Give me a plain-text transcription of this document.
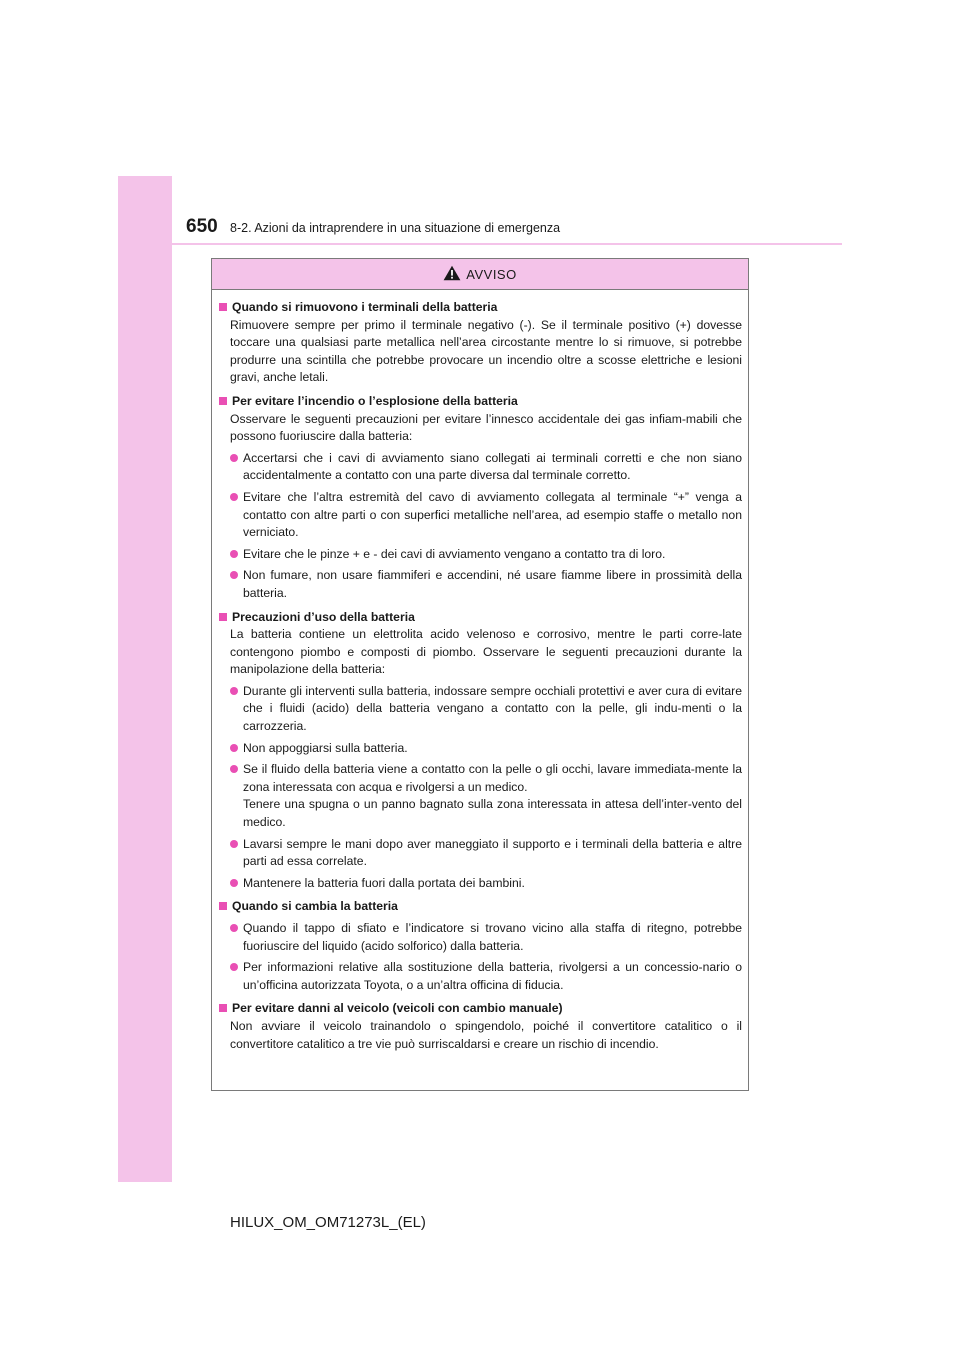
650 8-2. Azioni da intraprendere in una situazione di emergenza
AVVISO
Quando si rimuovono i terminali della batteria
Rimuovere sempre per primo il terminale negativo (-). Se il terminale positivo (+) dovesse toccare una qualsiasi parte metallica nell’area circostante mentre lo si rimuove, si potrebbe produrre una scintilla che potrebbe provocare un incendio oltre a scosse elettriche e lesioni gravi, anche letali.
Per evitare l’incendio o l’esplosione della batteria
Osservare le seguenti precauzioni per evitare l’innesco accidentale dei gas infiam-mabili che possono fuoriuscire dalla batteria:
Accertarsi che i cavi di avviamento siano collegati ai terminali corretti e che non siano accidentalmente a contatto con una parte diversa dal terminale corretto.
Evitare che l’altra estremità del cavo di avviamento collegata al terminale “+” venga a contatto con altre parti o con superfici metalliche nell’area, ad esempio staffe o metallo non verniciato.
Evitare che le pinze + e - dei cavi di avviamento vengano a contatto tra di loro.
Non fumare, non usare fiammiferi e accendini, né usare fiamme libere in prossimità della batteria.
Precauzioni d’uso della batteria
La batteria contiene un elettrolita acido velenoso e corrosivo, mentre le parti corre-late contengono piombo e composti di piombo. Osservare le seguenti precauzioni durante la manipolazione della batteria:
Durante gli interventi sulla batteria, indossare sempre occhiali protettivi e aver cura di evitare che i fluidi (acido) della batteria vengano a contatto con la pelle, gli indu-menti o la carrozzeria.
Non appoggiarsi sulla batteria.
Se il fluido della batteria viene a contatto con la pelle o gli occhi, lavare immediata-mente la zona interessata con acqua e rivolgersi a un medico.
Tenere una spugna o un panno bagnato sulla zona interessata in attesa dell’inter-vento del medico.
Lavarsi sempre le mani dopo aver maneggiato il supporto e i terminali della batteria e altre parti ad essa correlate.
Mantenere la batteria fuori dalla portata dei bambini.
Quando si cambia la batteria
Quando il tappo di sfiato e l’indicatore si trovano vicino alla staffa di ritegno, potrebbe fuoriuscire del liquido (acido solforico) dalla batteria.
Per informazioni relative alla sostituzione della batteria, rivolgersi a un concessio-nario o un’officina autorizzata Toyota, o a un’altra officina di fiducia.
Per evitare danni al veicolo (veicoli con cambio manuale)
Non avviare il veicolo trainandolo o spingendolo, poiché il convertitore catalitico o il convertitore catalitico a tre vie può surriscaldarsi e creare un rischio di incendio.
HILUX_OM_OM71273L_(EL)
